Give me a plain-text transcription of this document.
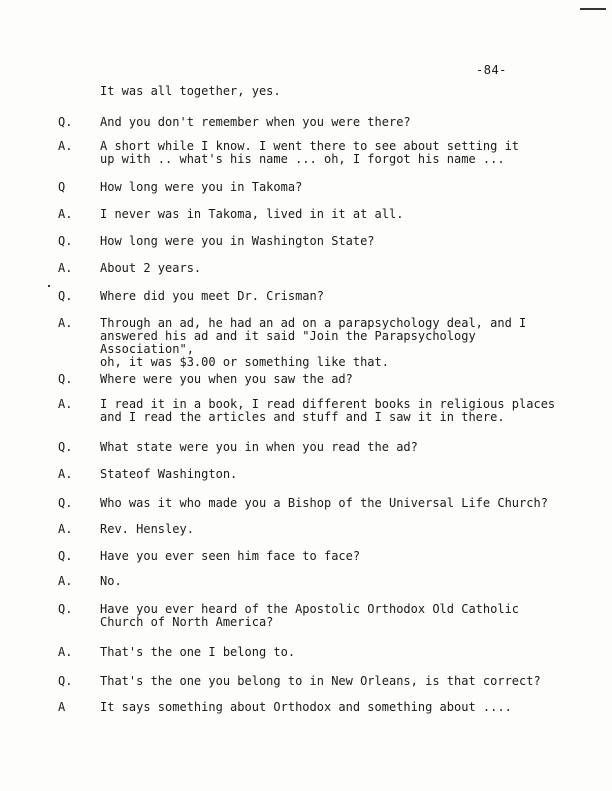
-84-
It was all together, yes.
Q. And you don't remember when you were there?
A. A short while I know. I went there to see about setting it
up with .. what's his name ... oh, I forgot his name ...
Q	How long were you in Takoma?
A. I never was in Takoma, lived in it at all.
Q. How long were you in Washington State?
A. About 2 years.
Q. Where did you meet Dr. Crisman?
A. Through an ad, he had an ad on a parapsychology deal, and I
answered his ad and it said "Join the Parapsychology Association",
oh, it was $3.00 or something like that.
Q. Where were you when you saw the ad?
A. I read it in a book, I read different books in religious places
and I read the articles and stuff and I saw it in there.
Q. What state were you in when you read the ad?
A. Stateof Washington.
Q. Who was it who made you a Bishop of the Universal Life Church?
A. Rev. Hensley.
Q. Have you ever seen him face to face?
A. No.
Q. Have you ever heard of the Apostolic Orthodox Old Catholic
Church of North America?
A. That's the one I belong to.
Q. That's the one you belong to in New Orleans, is that correct?
A	It says something about Orthodox and something about ....
